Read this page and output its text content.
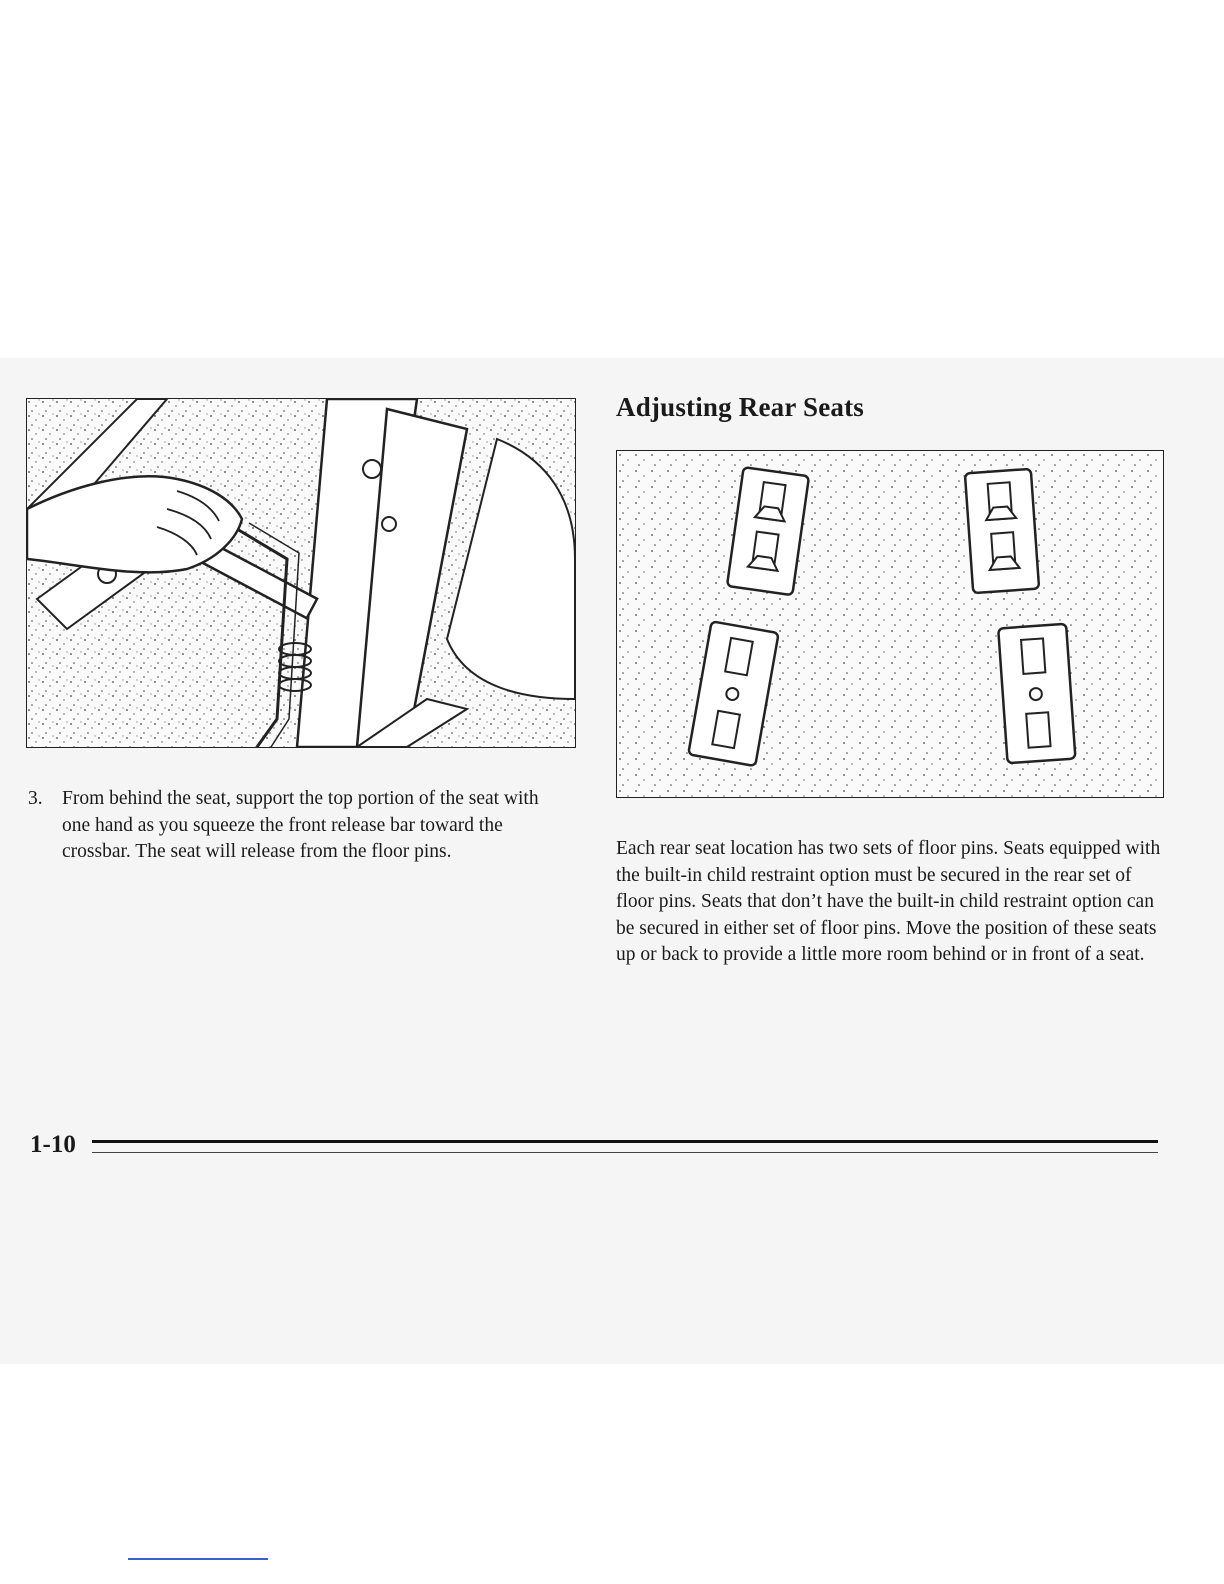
Adjusting Rear Seats
3. From behind the seat, support the top portion of the seat with one hand as you squeeze the front release bar toward the crossbar. The seat will release from the floor pins.	Each rear seat location has two sets of floor pins. Seats equipped with the built-in child restraint option must be secured in the rear set of floor pins. Seats that don’t have the built-in child restraint option can be secured in either set of floor pins. Move the position of these seats up or back to provide a little more room behind or in front of a seat.

1-10
